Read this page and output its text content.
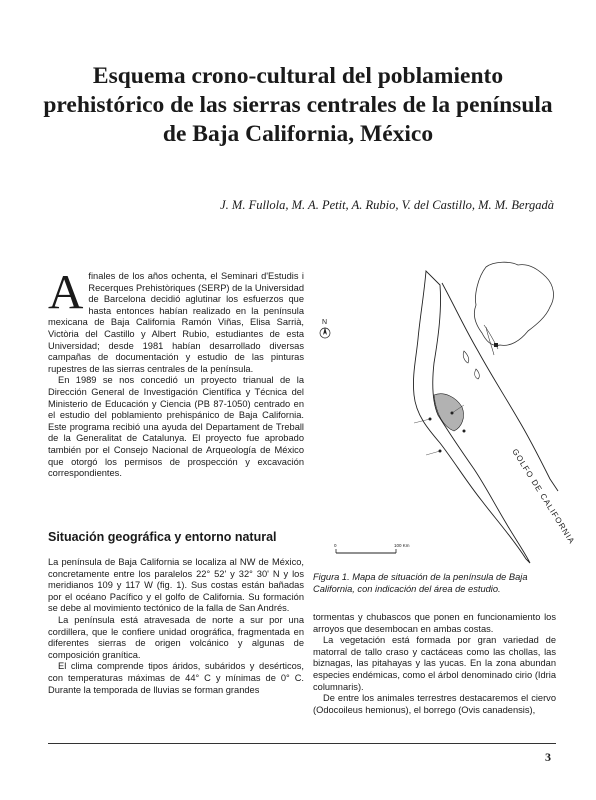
Esquema crono-cultural del poblamiento prehistórico de las sierras centrales de la península de Baja California, México
J. M. Fullola, M. A. Petit, A. Rubio, V. del Castillo, M. M. Bergadà

Afinales de los años ochenta, el Seminari d'Estudis i Recerques Prehistòriques (SERP) de la Universidad de Barcelona decidió aglutinar los esfuerzos que hasta entonces habían realizado en la península mexicana de Baja California Ramón Viñas, Elisa Sarrià, Victòria del Castillo y Albert Rubio, estudiantes de esta Universidad; desde 1981 habían desarrollado diversas campañas de documentación y estudio de las pinturas rupestres de las sierras centrales de la península.

En 1989 se nos concedió un proyecto trianual de la Dirección General de Investigación Científica y Técnica del Ministerio de Educación y Ciencia (PB 87-1050) centrado en el estudio del poblamiento prehispánico de Baja California. Este programa recibió una ayuda del Departament de Treball de la Generalitat de Catalunya. El proyecto fue aprobado también por el Consejo Nacional de Arqueología de México que otorgó los permisos de prospección y excavación correspondientes.

Situación geográfica y entorno natural

La península de Baja California se localiza al NW de México, concretamente entre los paralelos 22° 52' y 32° 30' N y los meridianos 109 y 117 W (fig. 1). Sus costas están bañadas por el océano Pacífico y el golfo de California. Su formación se debe al movimiento tectónico de la falla de San Andrés.

La península está atravesada de norte a sur por una cordillera, que le confiere unidad orográfica, fragmentada en diferentes sierras de origen volcánico y algunas de composición granítica.

El clima comprende tipos áridos, subáridos y desérticos, con temperaturas máximas de 44° C y mínimas de 0° C. Durante la temporada de lluvias se forman grandes

N
GOLFO DE CALIFORNIA
0	100 Km
Figura 1. Mapa de situación de la península de Baja California, con indicación del área de estudio.

tormentas y chubascos que ponen en funcionamiento los arroyos que desembocan en ambas costas.

La vegetación está formada por gran variedad de matorral de tallo craso y cactáceas como las chollas, las biznagas, las pitahayas y las yucas. En la zona abundan especies endémicas, como el árbol denominado cirio (Idria columnaris).

De entre los animales terrestres destacaremos el ciervo (Odocoileus hemionus), el borrego (Ovis canadensis),

3
